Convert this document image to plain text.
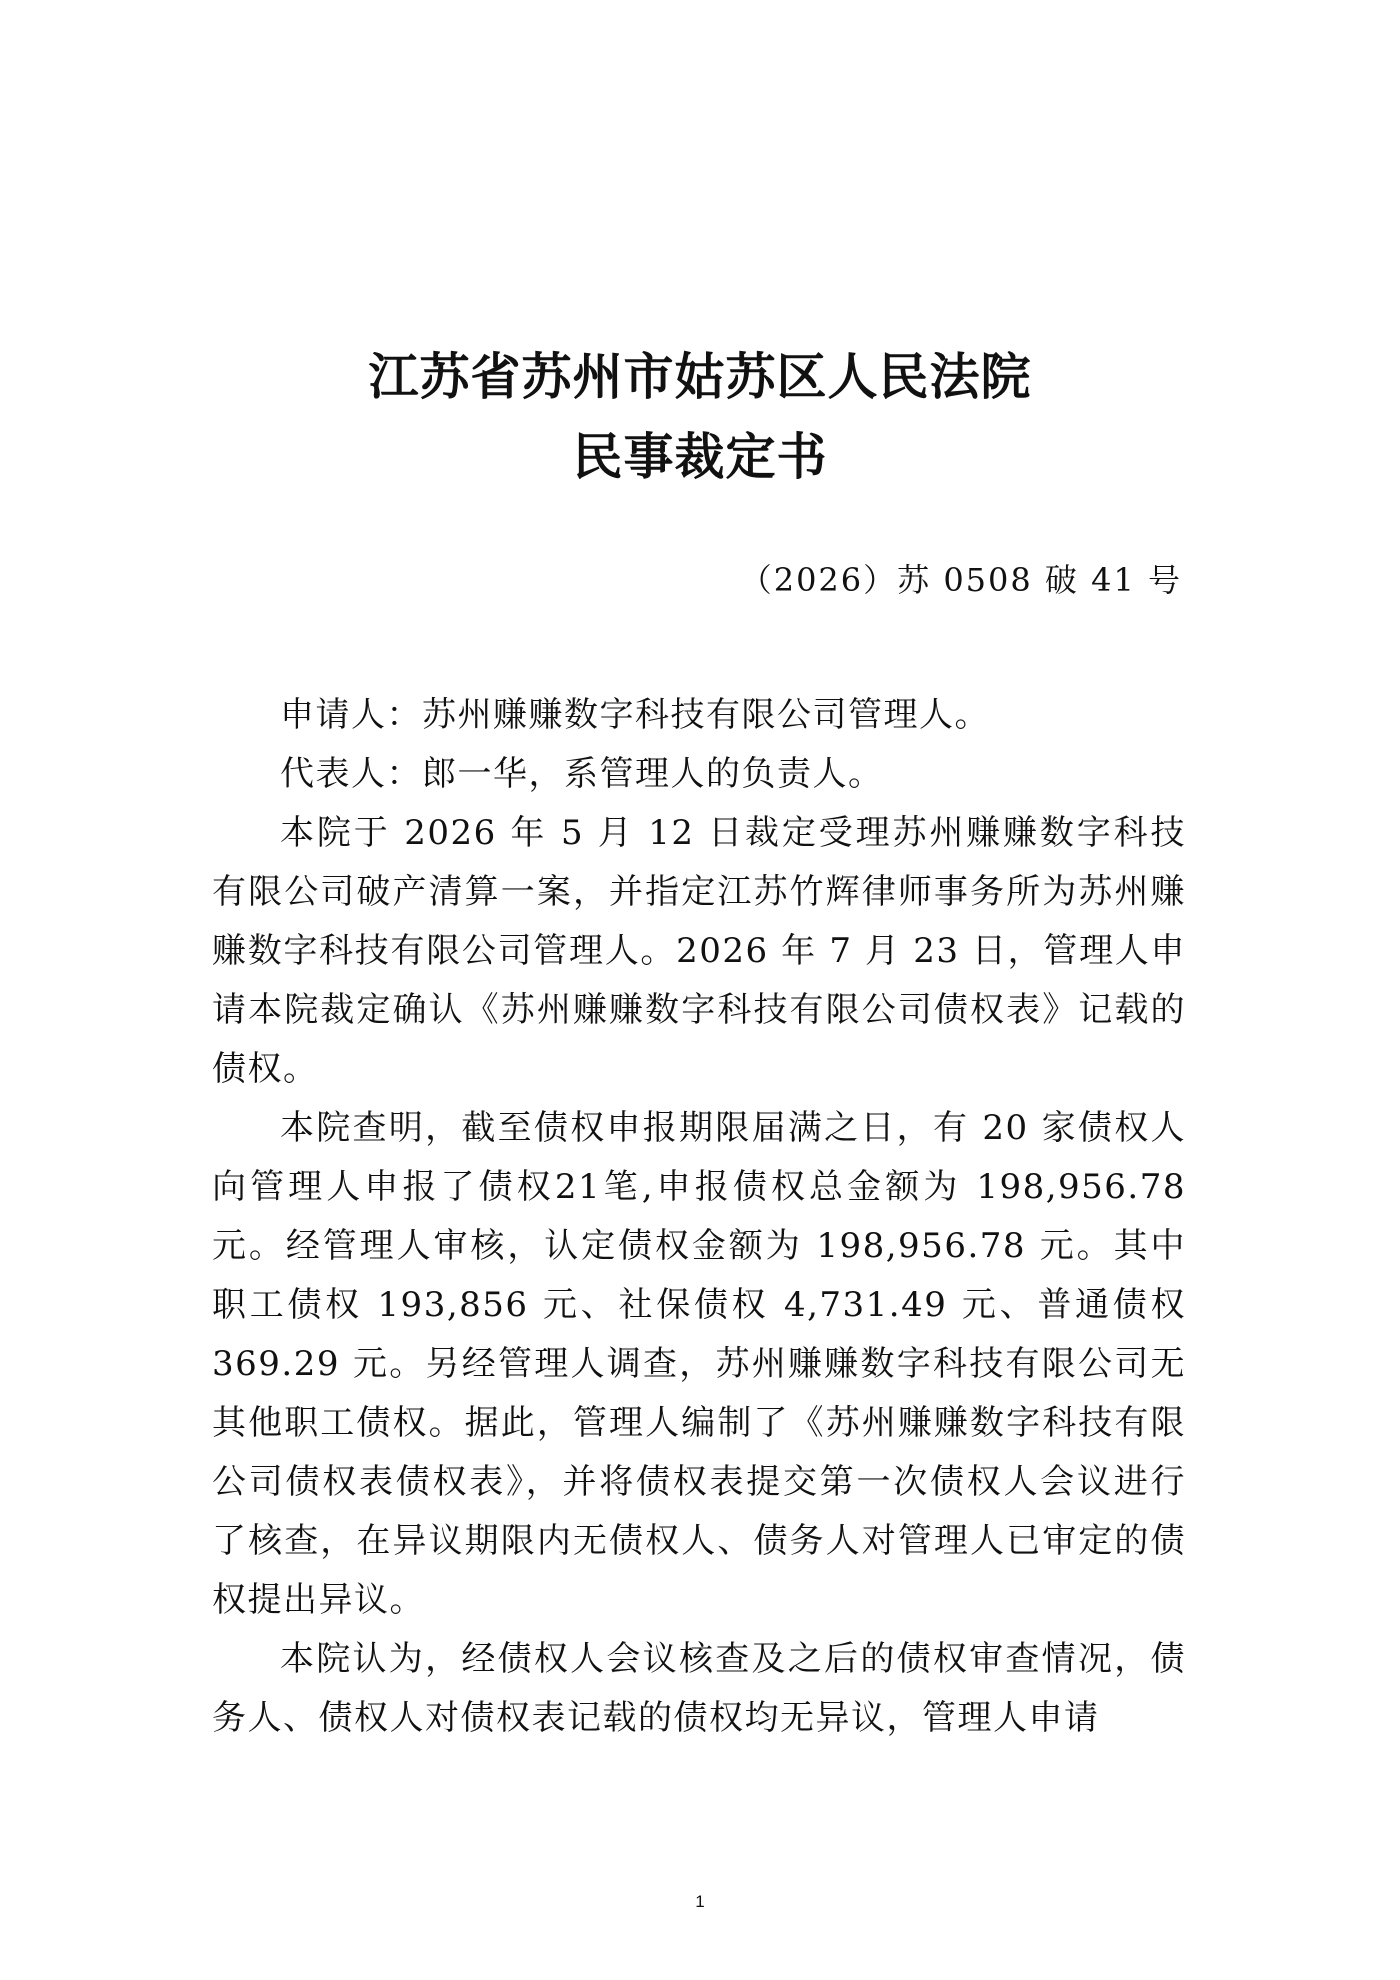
江苏省苏州市姑苏区人民法院
民事裁定书
（2026）苏 0508 破 41 号

申请人：苏州赚赚数字科技有限公司管理人。

代表人：郎一华，系管理人的负责人。

本院于 2026 年 5 月 12 日裁定受理苏州赚赚数字科技有限公司破产清算一案，并指定江苏竹辉律师事务所为苏州赚赚数字科技有限公司管理人。2026 年 7 月 23 日，管理人申请本院裁定确认《苏州赚赚数字科技有限公司债权表》记载的债权。

本院查明，截至债权申报期限届满之日，有 20 家债权人向管理人申报了债权21笔,申报债权总金额为 198,956.78 元。经管理人审核，认定债权金额为 198,956.78 元。其中职工债权 193,856 元、社保债权 4,731.49 元、普通债权 369.29 元。另经管理人调查，苏州赚赚数字科技有限公司无其他职工债权。据此，管理人编制了《苏州赚赚数字科技有限公司债权表债权表》，并将债权表提交第一次债权人会议进行了核查，在异议期限内无债权人、债务人对管理人已审定的债权提出异议。

本院认为，经债权人会议核查及之后的债权审查情况，债务人、债权人对债权表记载的债权均无异议，管理人申请

1
